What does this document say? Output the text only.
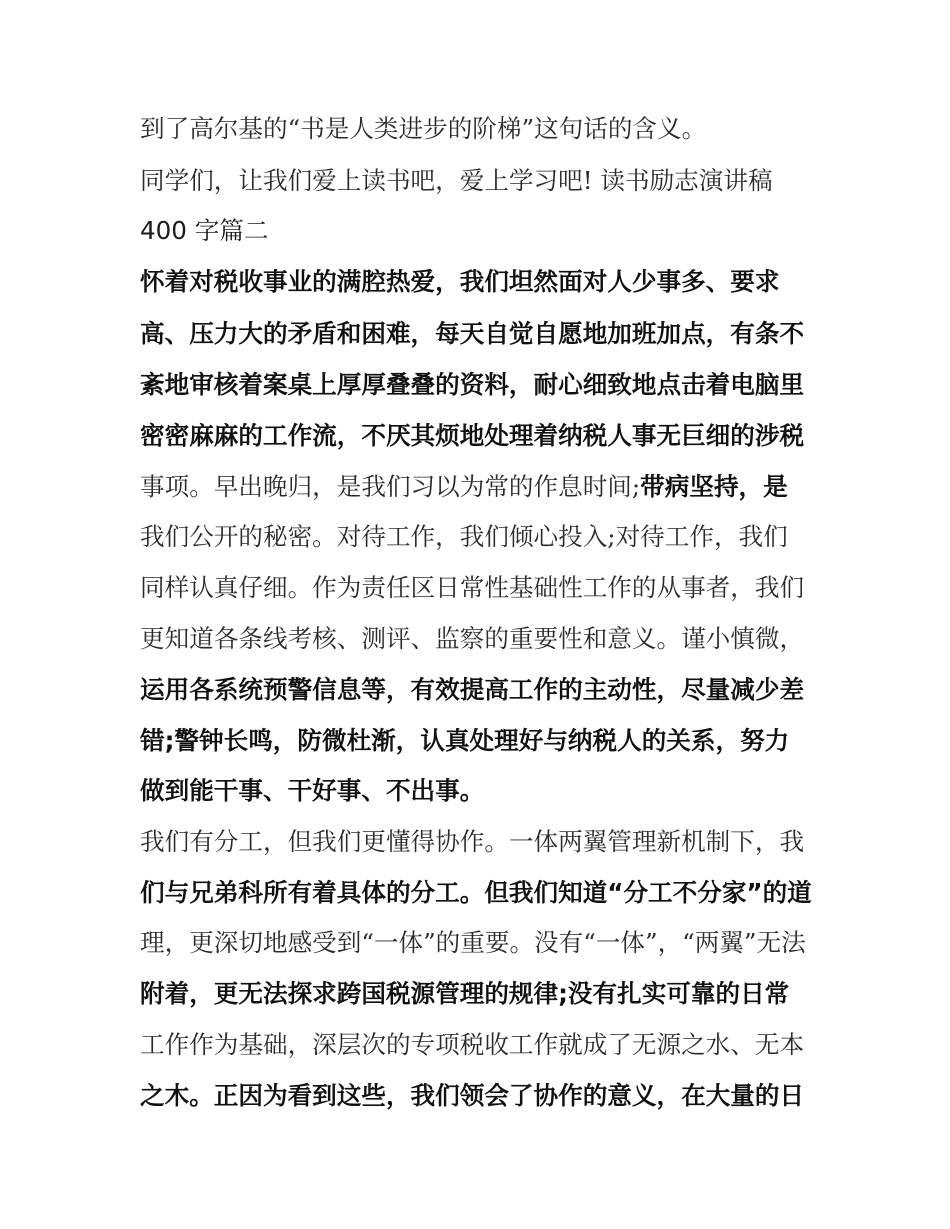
到了高尔基的“书是人类进步的阶梯”这句话的含义。
同学们，让我们爱上读书吧，爱上学习吧! 读书励志演讲稿
400 字篇二
怀着对税收事业的满腔热爱，我们坦然面对人少事多、要求
高、压力大的矛盾和困难，每天自觉自愿地加班加点，有条不
紊地审核着案桌上厚厚叠叠的资料，耐心细致地点击着电脑里
密密麻麻的工作流，不厌其烦地处理着纳税人事无巨细的涉税
事项。早出晚归，是我们习以为常的作息时间;带病坚持，是
我们公开的秘密。对待工作，我们倾心投入;对待工作，我们
同样认真仔细。作为责任区日常性基础性工作的从事者，我们
更知道各条线考核、测评、监察的重要性和意义。谨小慎微，
运用各系统预警信息等，有效提高工作的主动性，尽量减少差
错;警钟长鸣，防微杜渐，认真处理好与纳税人的关系，努力
做到能干事、干好事、不出事。
我们有分工，但我们更懂得协作。一体两翼管理新机制下，我
们与兄弟科所有着具体的分工。但我们知道“分工不分家”的道
理，更深切地感受到“一体”的重要。没有“一体”，“两翼”无法
附着，更无法探求跨国税源管理的规律;没有扎实可靠的日常
工作作为基础，深层次的专项税收工作就成了无源之水、无本
之木。正因为看到这些，我们领会了协作的意义，在大量的日
